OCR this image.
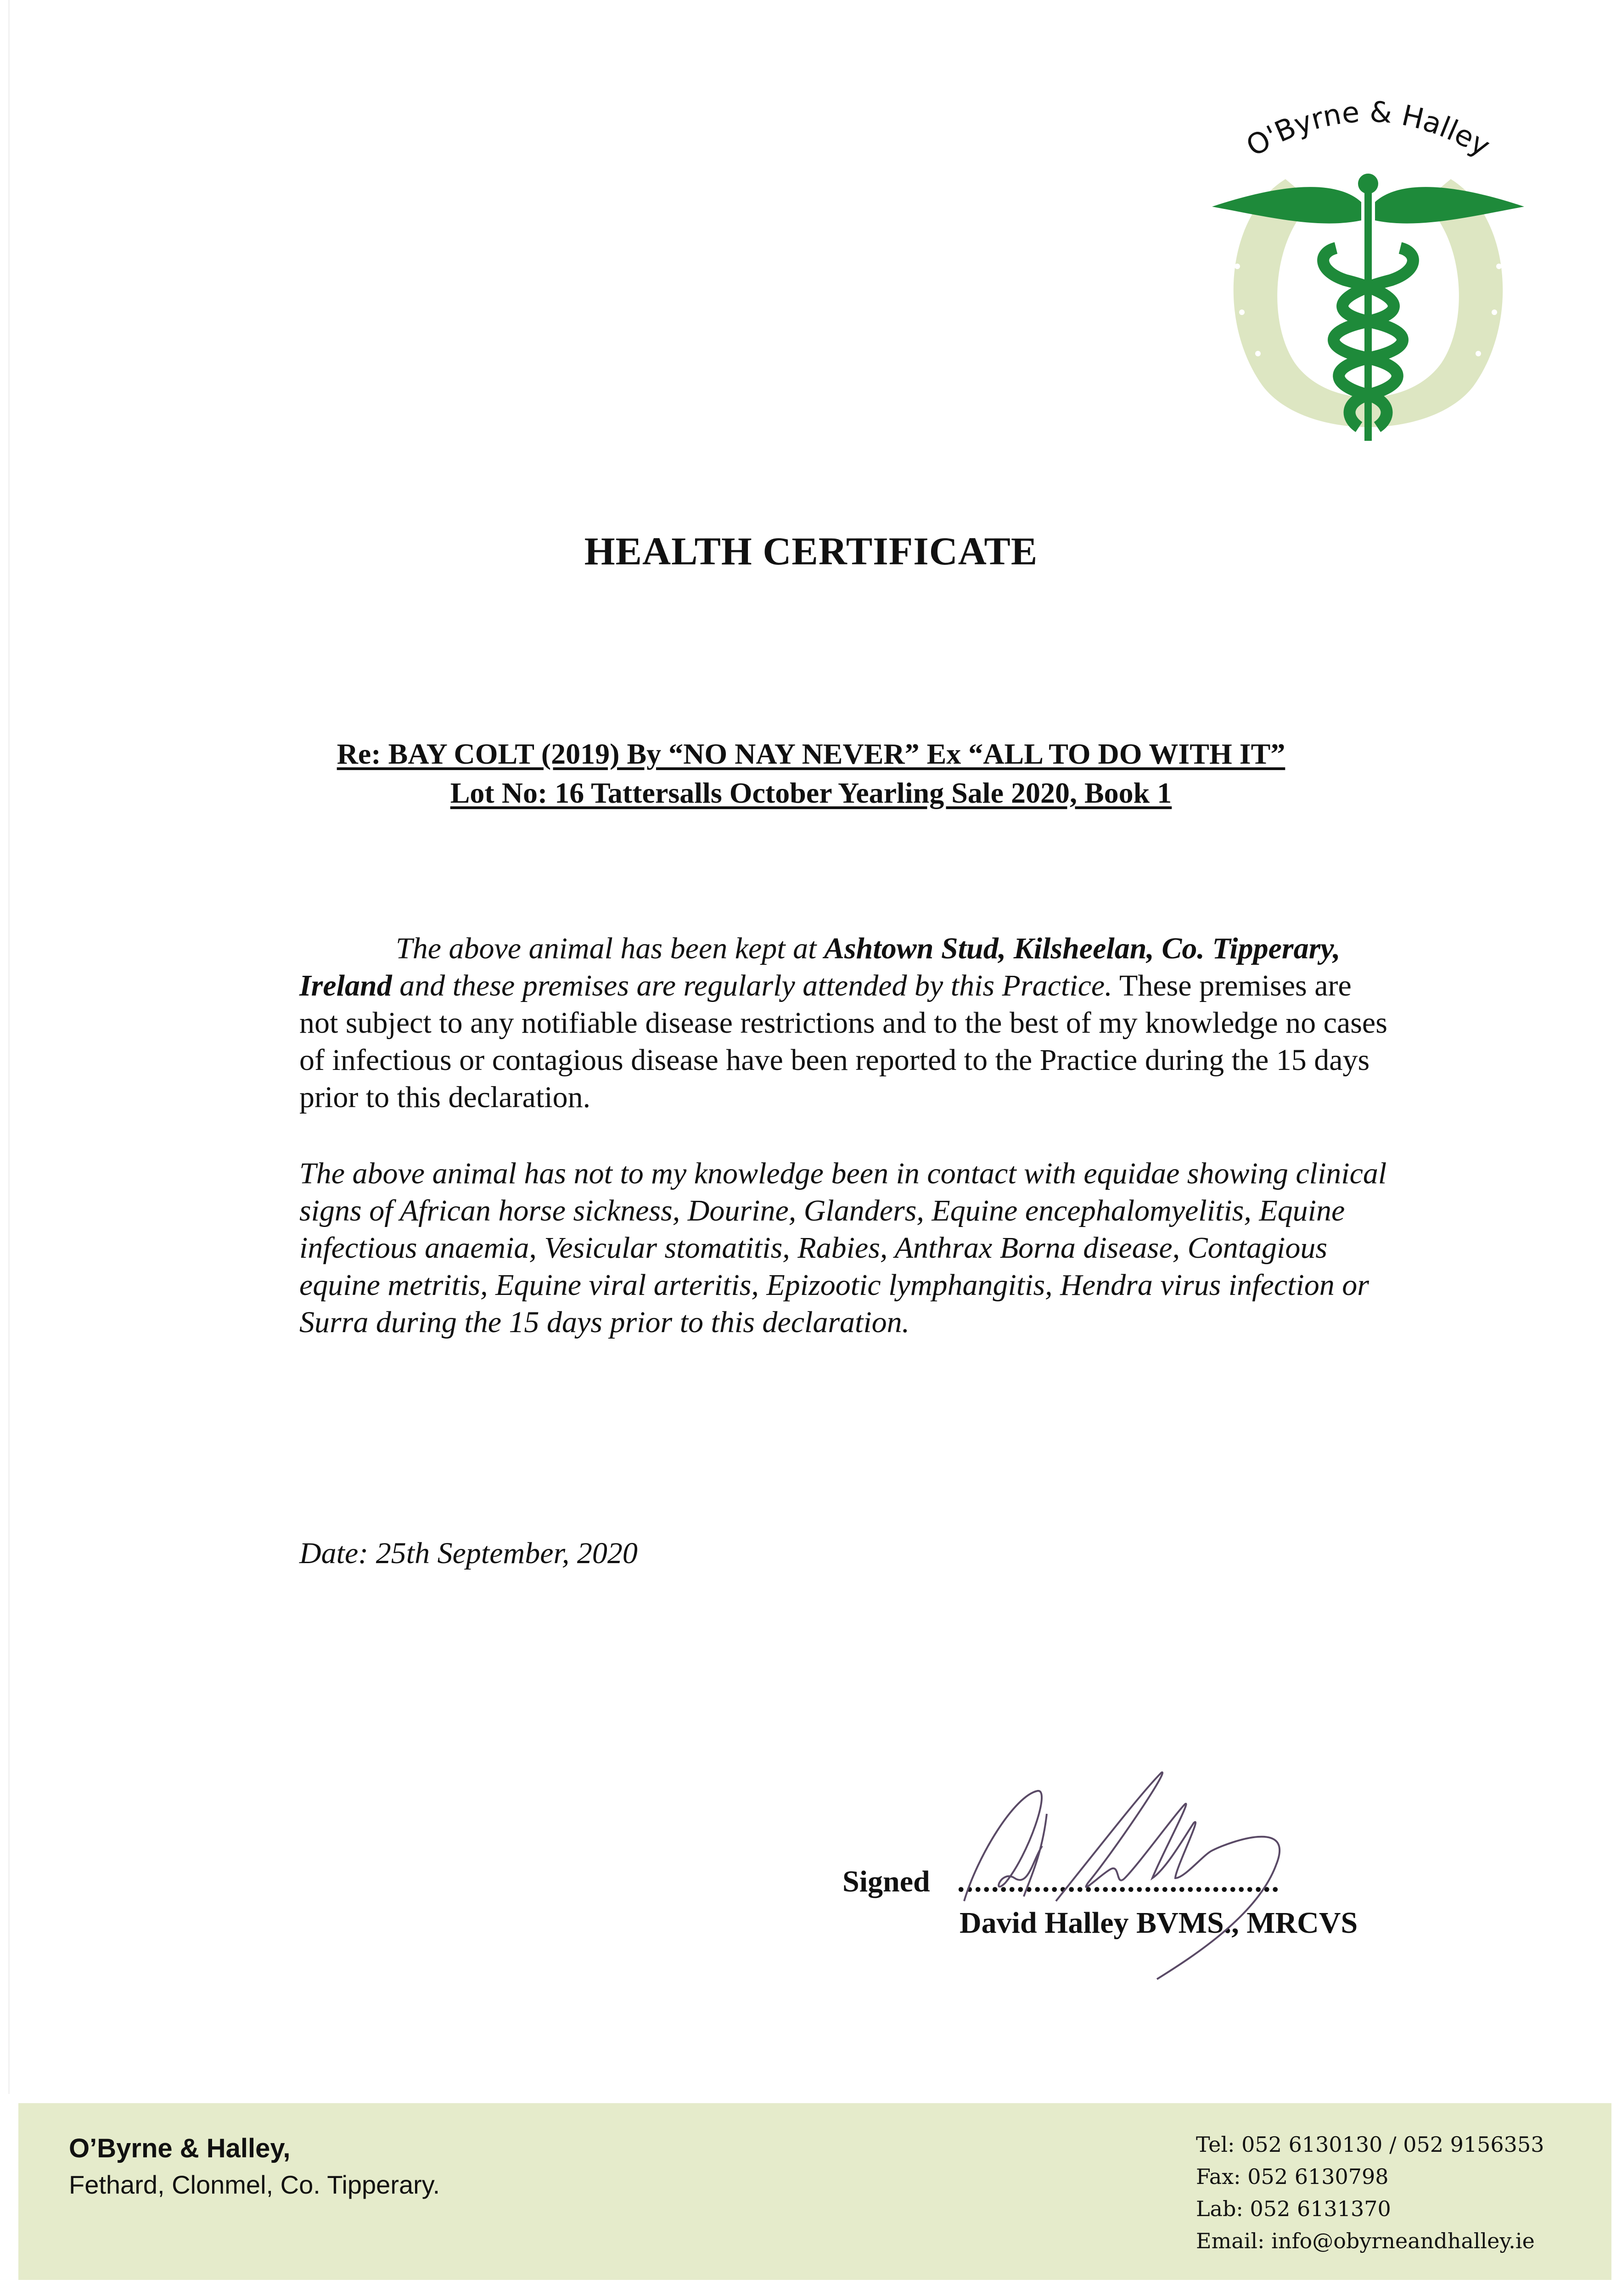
O'Byrne & Halley
HEALTH CERTIFICATE
Re: BAY COLT (2019) By “NO NAY NEVER” Ex “ALL TO DO WITH IT”
Lot No: 16 Tattersalls October Yearling Sale 2020, Book 1
The above animal has been kept at Ashtown Stud, Kilsheelan, Co. Tipperary, Ireland and these premises are regularly attended by this Practice. These premises are not subject to any notifiable disease restrictions and to the best of my knowledge no cases of infectious or contagious disease have been reported to the Practice during the 15 days prior to this declaration.
The above animal has not to my knowledge been in contact with equidae showing clinical signs of African horse sickness, Dourine, Glanders, Equine encephalomyelitis, Equine infectious anaemia, Vesicular stomatitis, Rabies, Anthrax Borna disease, Contagious equine metritis, Equine viral arteritis, Epizootic lymphangitis, Hendra virus infection or Surra during the 15 days prior to this declaration.
Date: 25th September, 2020
Signed ......................................
David Halley BVMS., MRCVS
O’Byrne & Halley,
Fethard, Clonmel, Co. Tipperary.
Tel: 052 6130130 / 052 9156353
Fax: 052 6130798
Lab: 052 6131370
Email: info@obyrneandhalley.ie
